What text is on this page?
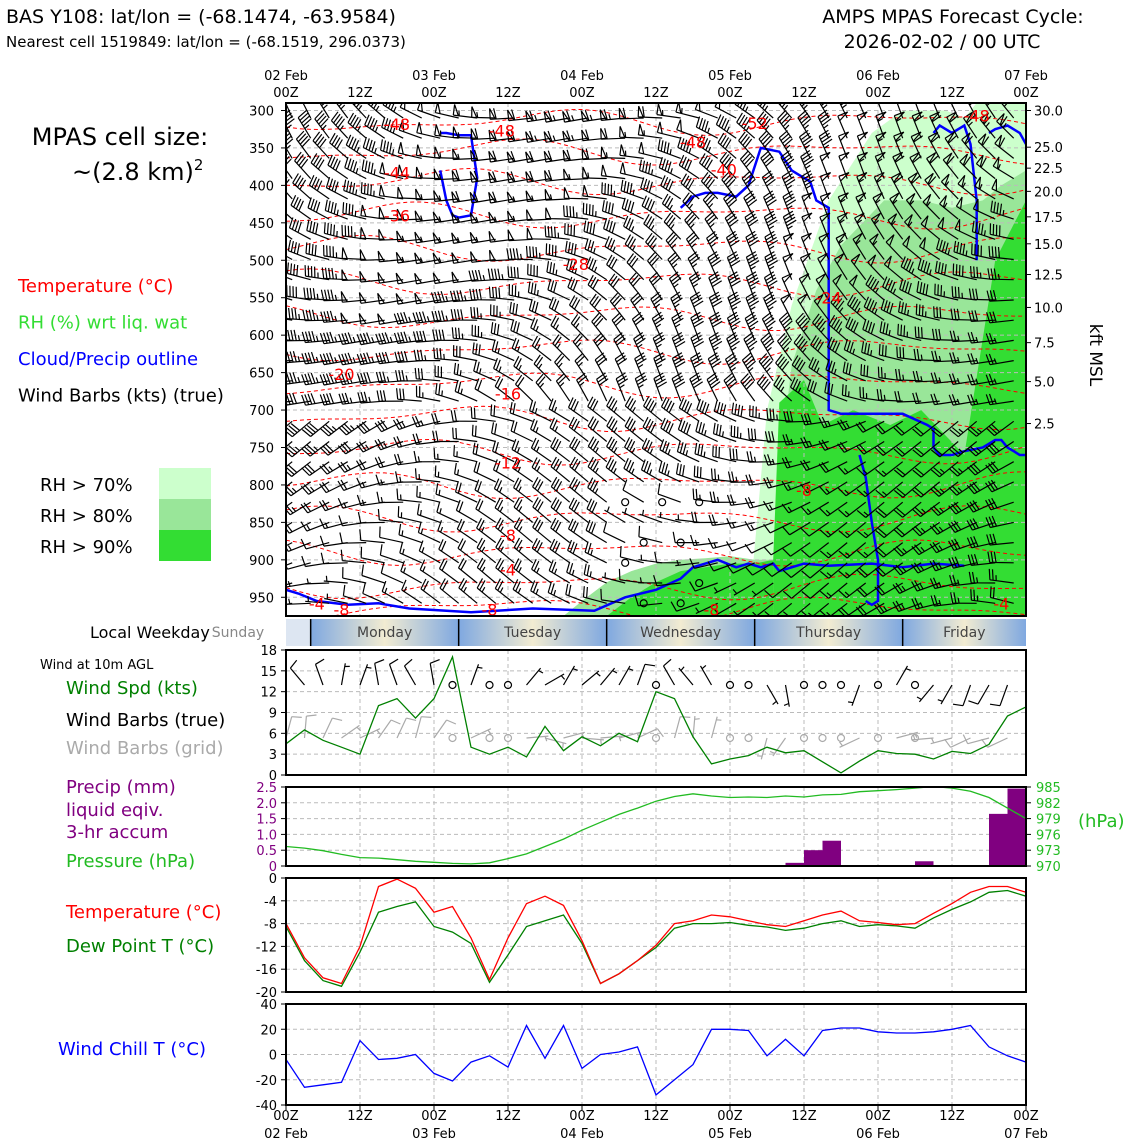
BAS Y108: lat/lon = (-68.1474, -63.9584)
Nearest cell 1519849: lat/lon = (-68.1519, 296.0373)
AMPS MPAS Forecast Cycle:
2026-02-02 / 00 UTC
MPAS cell size:
~(2.8 km)$^2$
Temperature (°C)
RH (%) wrt liq. wat
Cloud/Precip outline
Wind Barbs (kts) (true)
RH > 70%
RH > 80%
RH > 90%
00Z
02 Feb
12Z	00Z
03 Feb
12Z	00Z
04 Feb
12Z	00Z
05 Feb
12Z	00Z
06 Feb
12Z	00Z
07 Feb
-48	-48	-52	-48
-48
-44	-40
-36
-28
-24
-20
-16
-12
-8
-8
-4
-4 -8	-8	-8	-4
300
350
400
450
500
550
600
650
700
750
800
850
900
950
30.0
25.0
22.5
20.0
17.5
15.0
12.5
10.0
7.5
5.0
2.5
kft MSL
Local Weekday Sunday	Monday	Tuesday	Wednesday	Thursday	Friday
Wind at 10m AGL
Wind Spd (kts)
Wind Barbs (true)
Wind Barbs (grid)
0
3
6
9
12
15
18
Precip (mm)
liquid eqiv.
3-hr accum
Pressure (hPa)
(hPa)
0
0.5
1.0
1.5
2.0
2.5
970
973
976
979
982
985
Temperature (°C)
Dew Point T (°C)
0
-4
-8
-12
-16
-20
Wind Chill T (°C)
40
20
0
-20
-40
00Z
02 Feb
12Z	00Z
03 Feb
12Z	00Z
04 Feb
12Z	00Z
05 Feb
12Z	00Z
06 Feb
12Z	00Z
07 Feb
